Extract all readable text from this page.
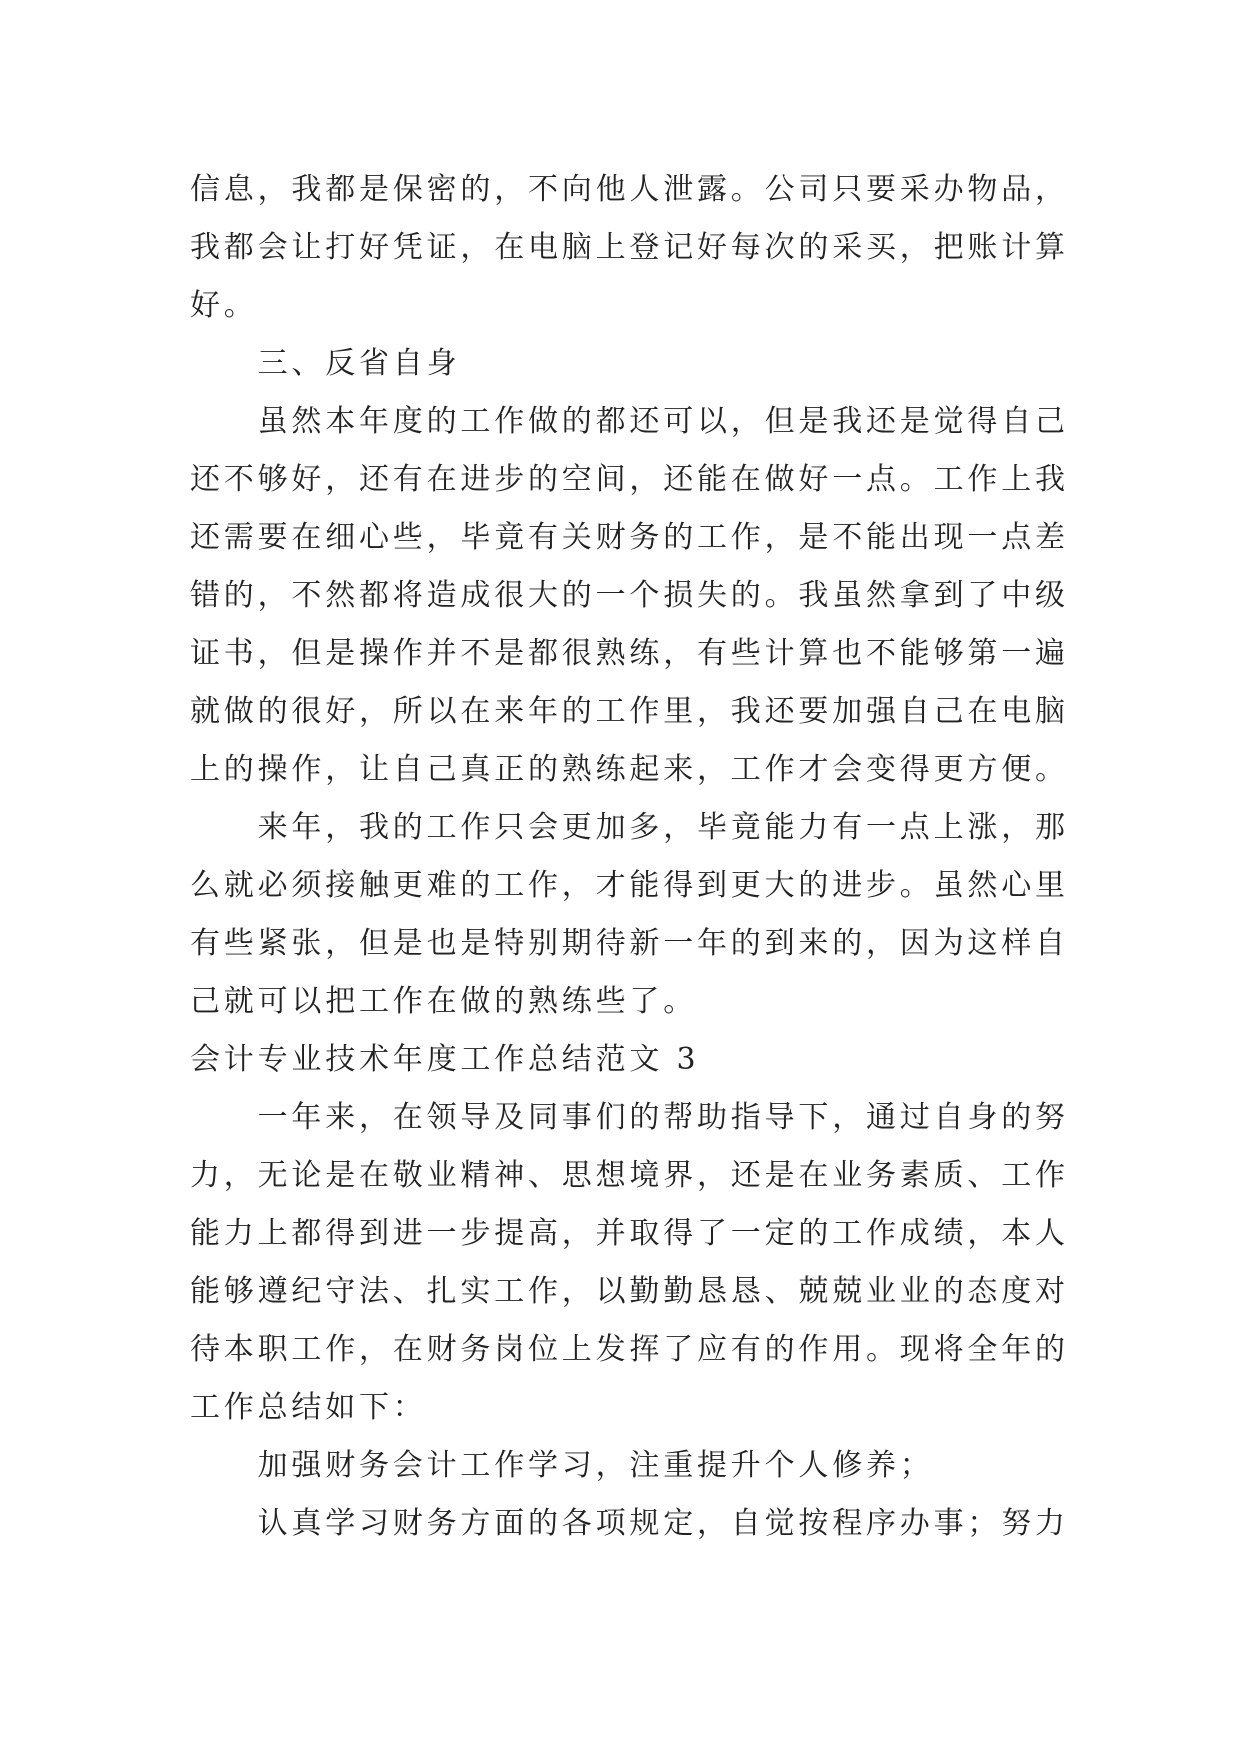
信息，我都是保密的，不向他人泄露。公司只要采办物品，
我都会让打好凭证，在电脑上登记好每次的采买，把账计算
好。
三、反省自身
虽然本年度的工作做的都还可以，但是我还是觉得自己
还不够好，还有在进步的空间，还能在做好一点。工作上我
还需要在细心些，毕竟有关财务的工作，是不能出现一点差
错的，不然都将造成很大的一个损失的。我虽然拿到了中级
证书，但是操作并不是都很熟练，有些计算也不能够第一遍
就做的很好，所以在来年的工作里，我还要加强自己在电脑
上的操作，让自己真正的熟练起来，工作才会变得更方便。
来年，我的工作只会更加多，毕竟能力有一点上涨，那
么就必须接触更难的工作，才能得到更大的进步。虽然心里
有些紧张，但是也是特别期待新一年的到来的，因为这样自
己就可以把工作在做的熟练些了。
会计专业技术年度工作总结范文 3
一年来，在领导及同事们的帮助指导下，通过自身的努
力，无论是在敬业精神、思想境界，还是在业务素质、工作
能力上都得到进一步提高，并取得了一定的工作成绩，本人
能够遵纪守法、扎实工作，以勤勤恳恳、兢兢业业的态度对
待本职工作，在财务岗位上发挥了应有的作用。现将全年的
工作总结如下：
加强财务会计工作学习，注重提升个人修养；
认真学习财务方面的各项规定，自觉按程序办事；努力
